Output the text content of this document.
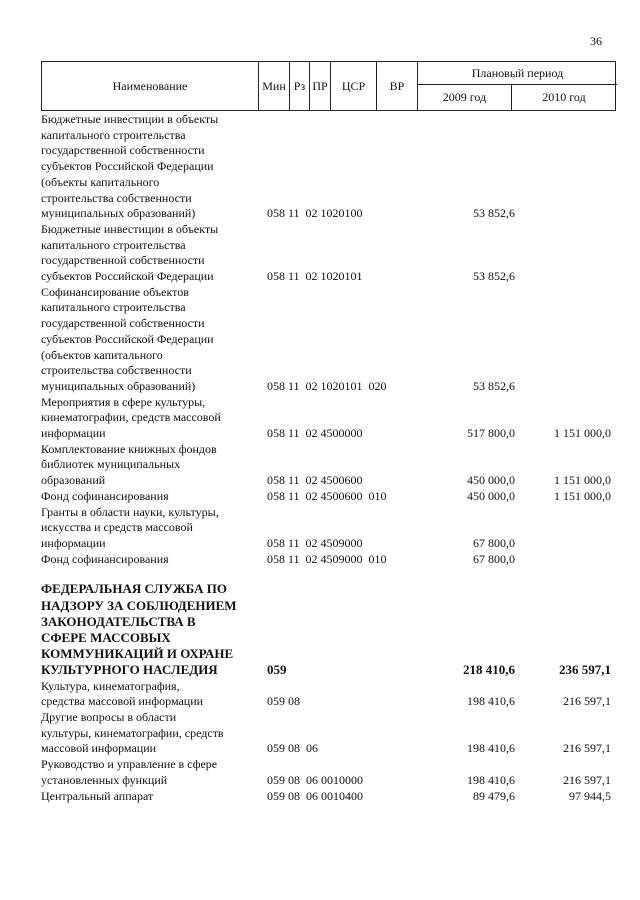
36
Наименование	Мин Рз ПР	ЦСР	ВР
Плановый период
2009 год	2010 год
Бюджетные инвестиции в объекты
капитального строительства
государственной собственности
субъектов Российской Федерации
(объекты капитального
строительства собственности
муниципальных образований)	058 11  02 1020100	53 852,6
Бюджетные инвестиции в объекты
капитального строительства
государственной собственности
субъектов Российской Федерации	058 11  02 1020101	53 852,6
Софинансирование объектов
капитального строительства
государственной собственности
субъектов Российской Федерации
(объектов капитального
строительства собственности
муниципальных образований)	058 11  02 1020101  020	53 852,6
Мероприятия в сфере культуры,
кинематографии, средств массовой
информации	058 11  02 4500000	517 800,0	1 151 000,0
Комплектование книжных фондов
библиотек муниципальных
образований	058 11  02 4500600	450 000,0	1 151 000,0
Фонд софинансирования	058 11  02 4500600  010	450 000,0	1 151 000,0
Гранты в области науки, культуры,
искусства и средств массовой
информации	058 11  02 4509000	67 800,0
Фонд софинансирования	058 11  02 4509000  010	67 800,0
ФЕДЕРАЛЬНАЯ СЛУЖБА ПО
НАДЗОРУ ЗА СОБЛЮДЕНИЕМ
ЗАКОНОДАТЕЛЬСТВА В
СФЕРЕ МАССОВЫХ
КОММУНИКАЦИЙ И ОХРАНЕ
КУЛЬТУРНОГО НАСЛЕДИЯ	059	218 410,6	236 597,1
Культура, кинематография,
средства массовой информации	059 08	198 410,6	216 597,1
Другие вопросы в области
культуры, кинематографии, средств
массовой информации	059 08  06	198 410,6	216 597,1
Руководство и управление в сфере
установленных функций	059 08  06 0010000	198 410,6	216 597,1
Центральный аппарат	059 08  06 0010400	89 479,6	97 944,5
